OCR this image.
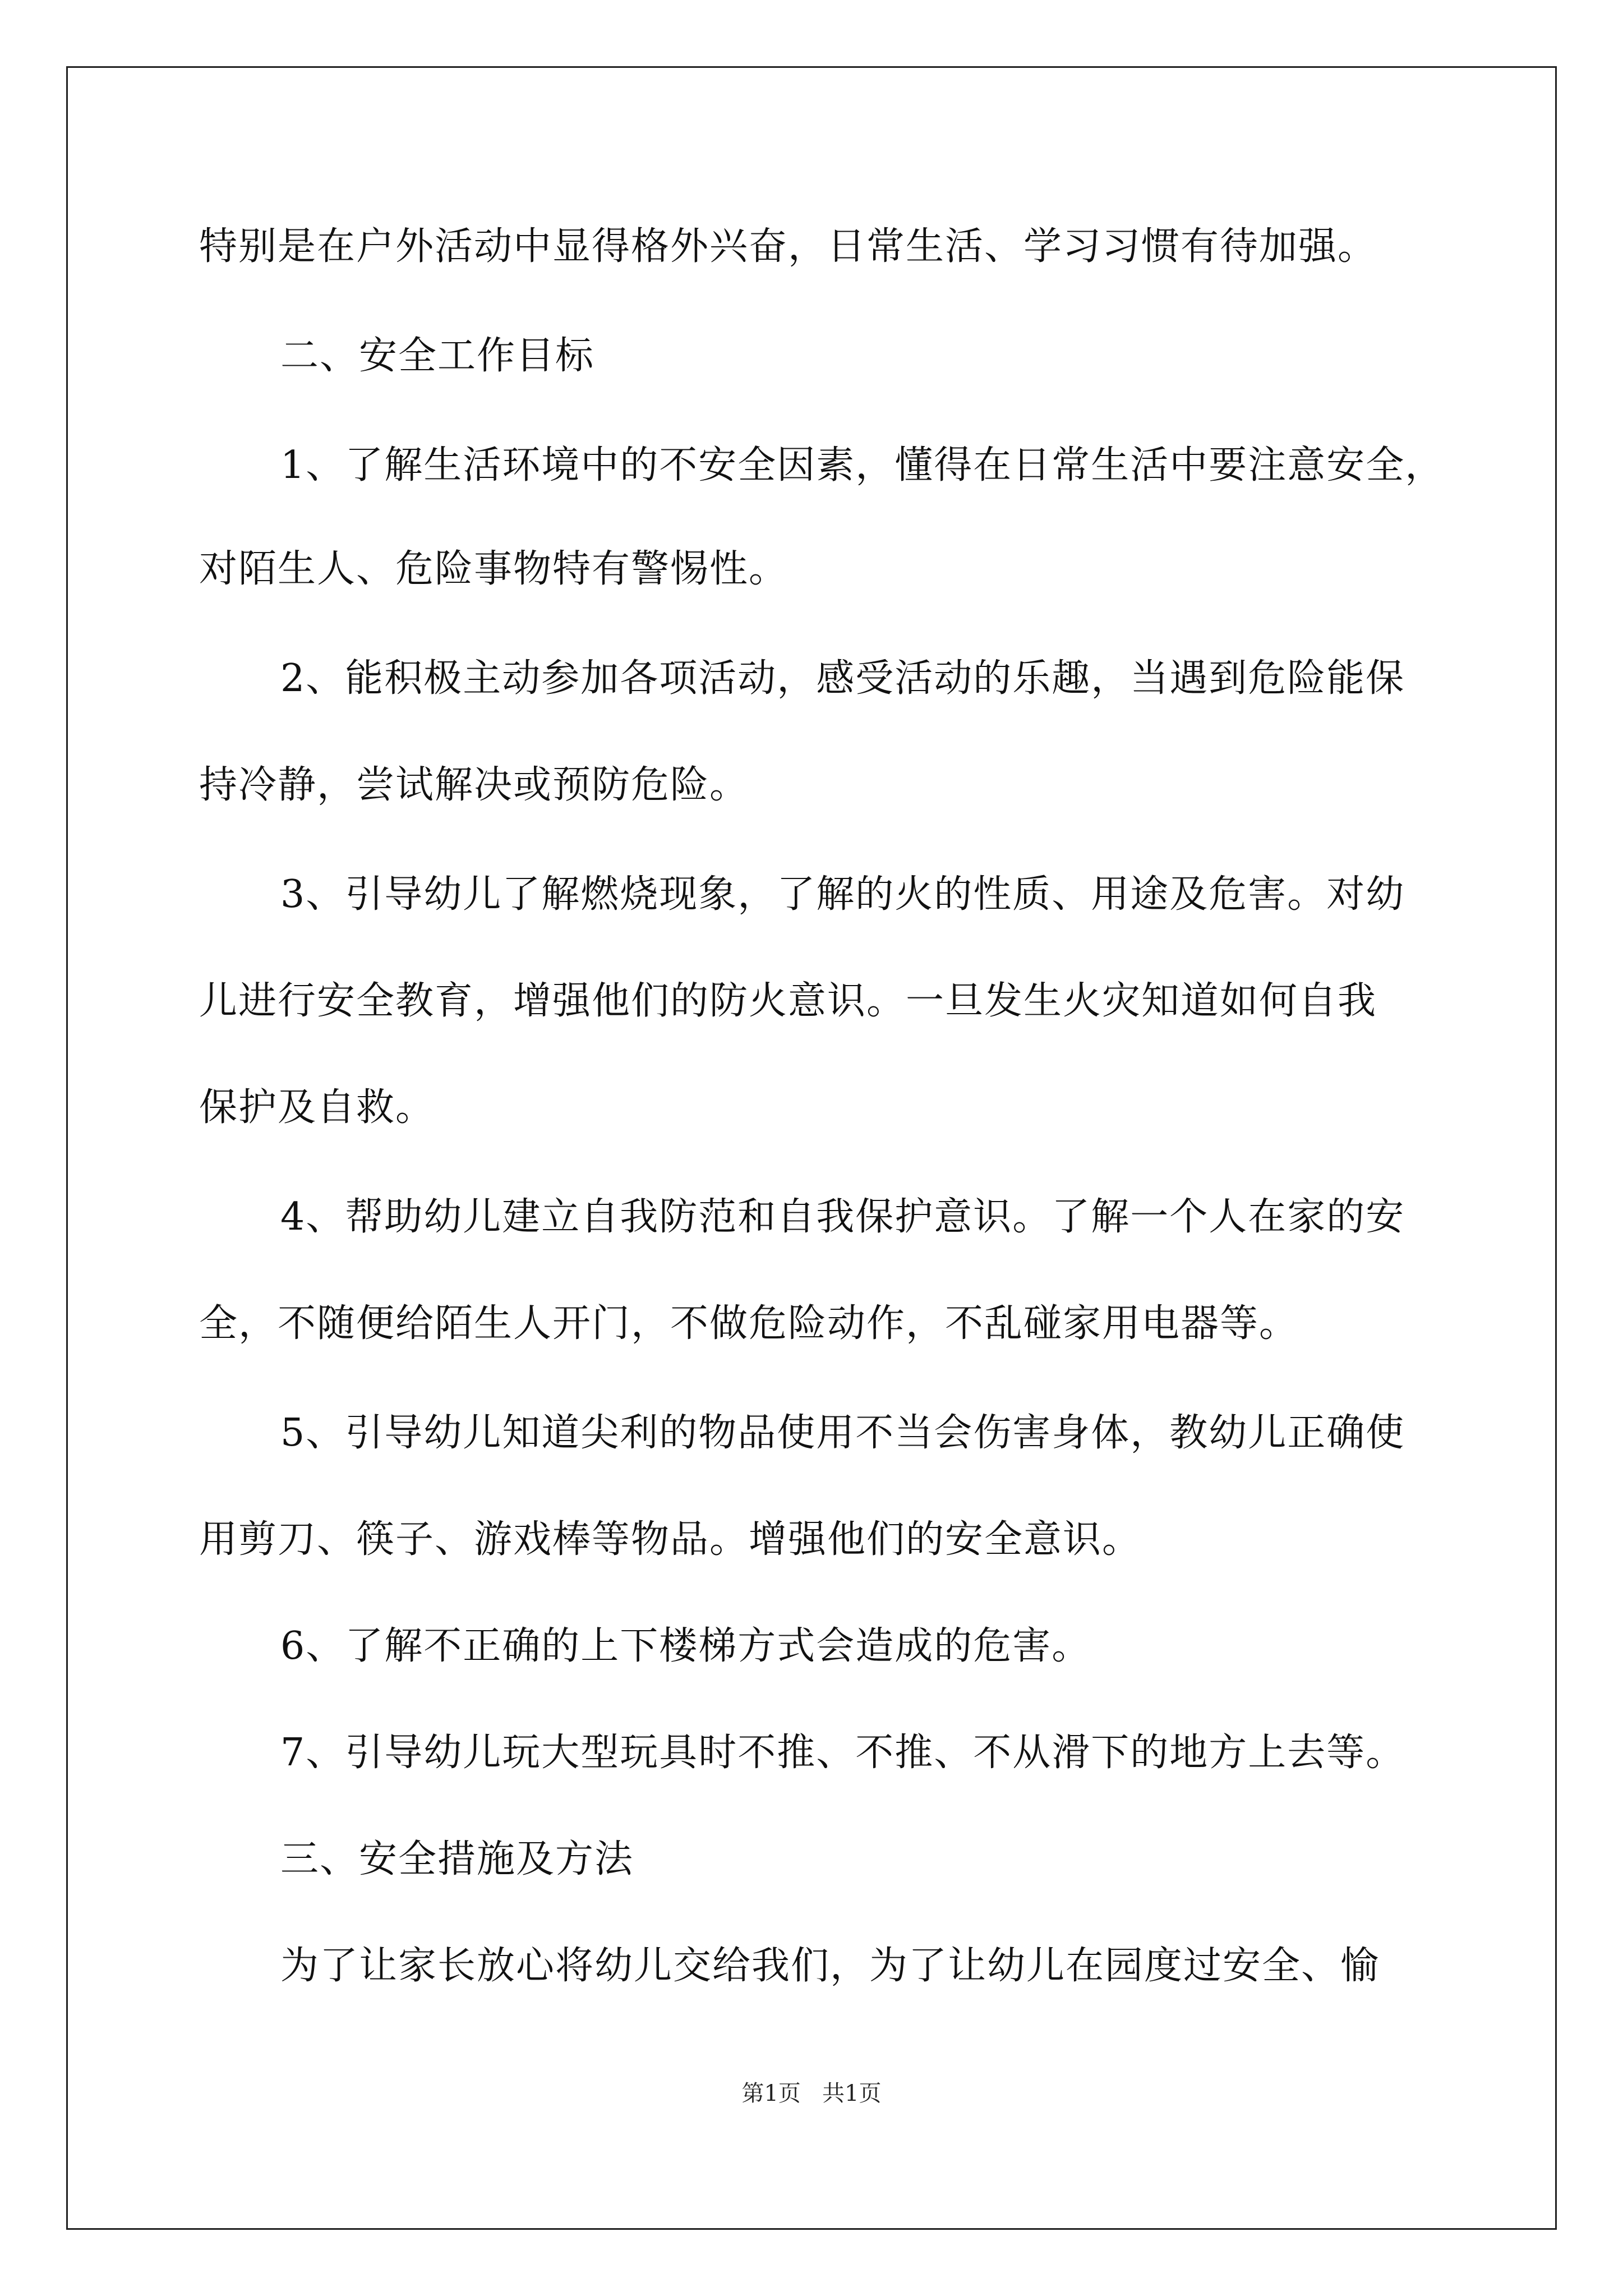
特别是在户外活动中显得格外兴奋，日常生活、学习习惯有待加强。
二、安全工作目标
1、了解生活环境中的不安全因素，懂得在日常生活中要注意安全，
对陌生人、危险事物特有警惕性。
2、能积极主动参加各项活动，感受活动的乐趣，当遇到危险能保
持冷静，尝试解决或预防危险。
3、引导幼儿了解燃烧现象，了解的火的性质、用途及危害。对幼
儿进行安全教育，增强他们的防火意识。一旦发生火灾知道如何自我
保护及自救。
4、帮助幼儿建立自我防范和自我保护意识。了解一个人在家的安
全，不随便给陌生人开门，不做危险动作，不乱碰家用电器等。
5、引导幼儿知道尖利的物品使用不当会伤害身体，教幼儿正确使
用剪刀、筷子、游戏棒等物品。增强他们的安全意识。
6、了解不正确的上下楼梯方式会造成的危害。
7、引导幼儿玩大型玩具时不推、不推、不从滑下的地方上去等。
三、安全措施及方法
为了让家长放心将幼儿交给我们，为了让幼儿在园度过安全、愉
第1页   共1页
